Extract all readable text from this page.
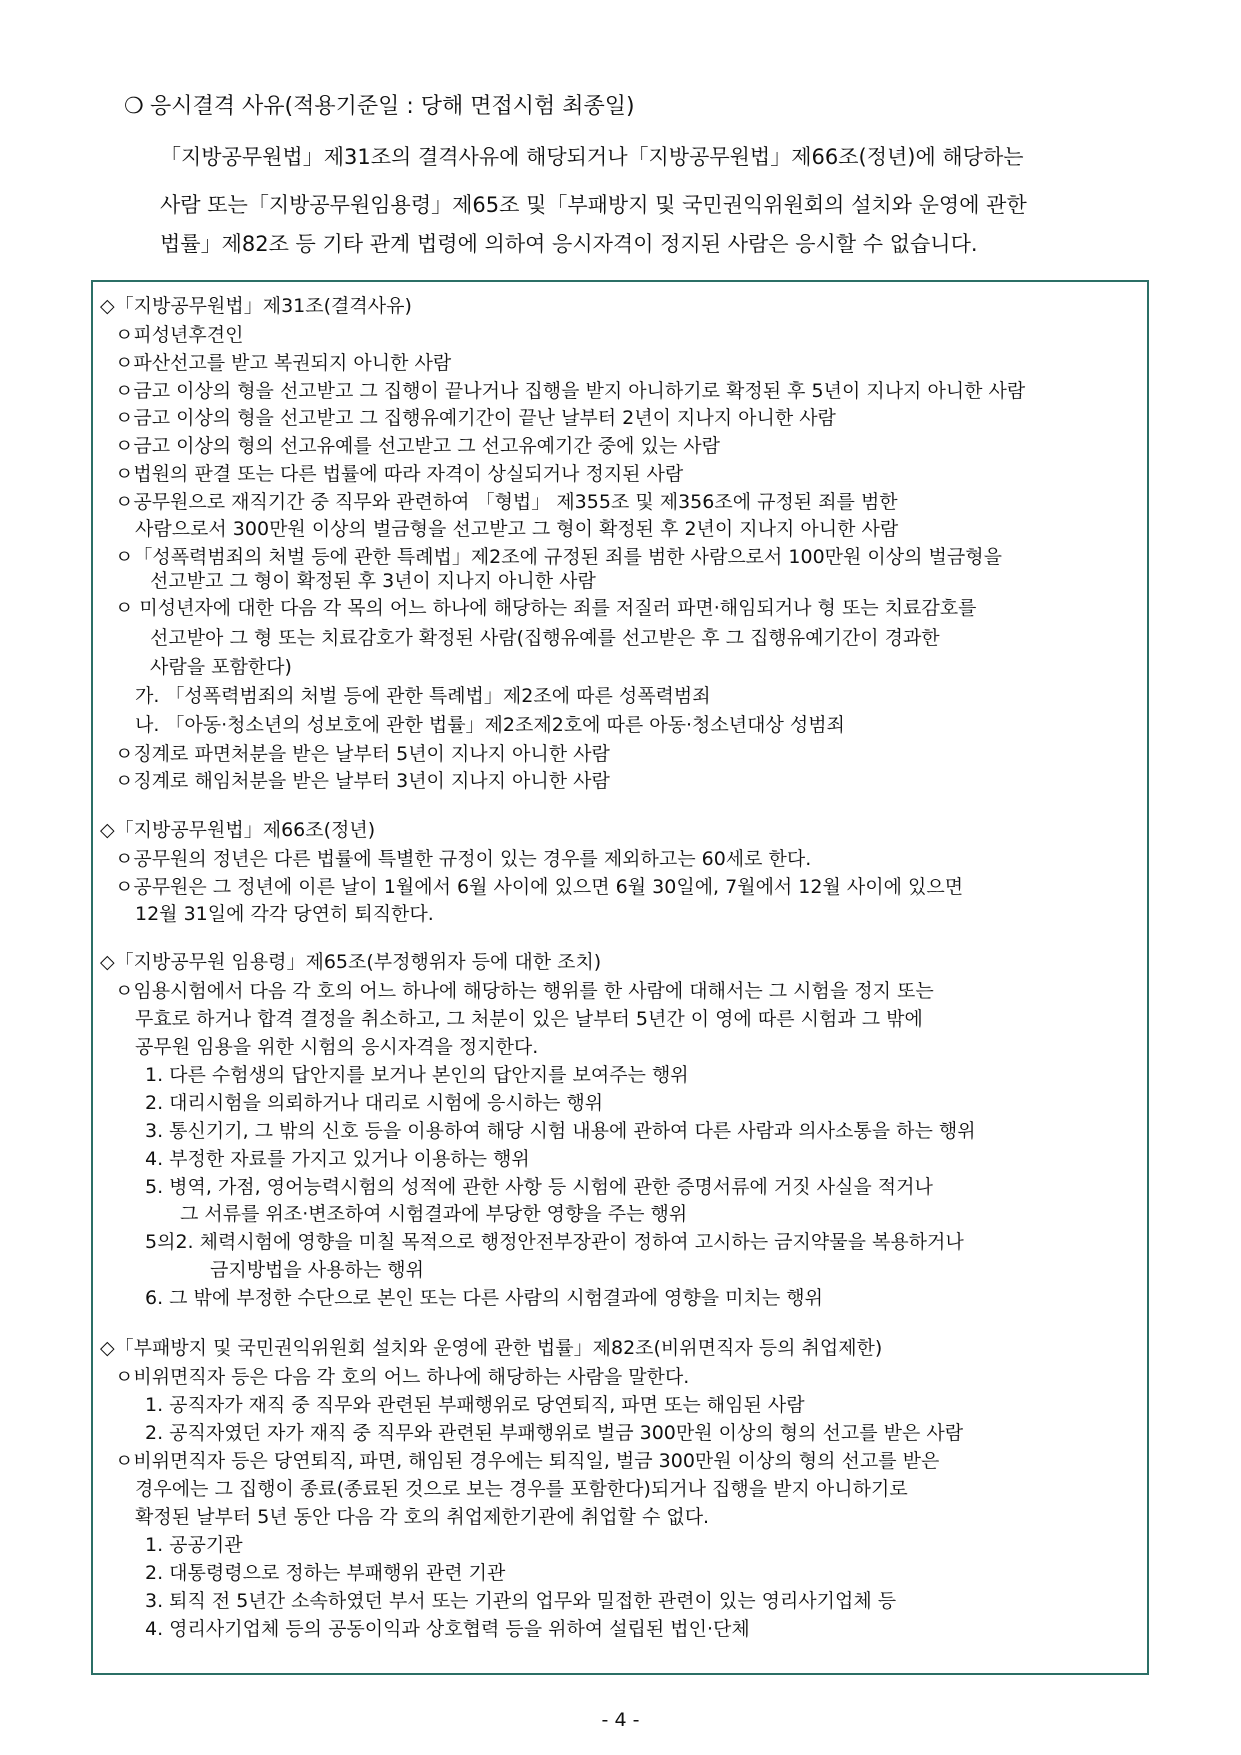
❍ 응시결격 사유(적용기준일 : 당해 면접시험 최종일)
「지방공무원법」제31조의 결격사유에 해당되거나「지방공무원법」제66조(정년)에 해당하는
사람 또는「지방공무원임용령」제65조 및「부패방지 및 국민권익위원회의 설치와 운영에 관한
법률」제82조 등 기타 관계 법령에 의하여 응시자격이 정지된 사람은 응시할 수 없습니다.
◇「지방공무원법」제31조(결격사유)
ㅇ피성년후견인
ㅇ파산선고를 받고 복권되지 아니한 사람
ㅇ금고 이상의 형을 선고받고 그 집행이 끝나거나 집행을 받지 아니하기로 확정된 후 5년이 지나지 아니한 사람
ㅇ금고 이상의 형을 선고받고 그 집행유예기간이 끝난 날부터 2년이 지나지 아니한 사람
ㅇ금고 이상의 형의 선고유예를 선고받고 그 선고유예기간 중에 있는 사람
ㅇ법원의 판결 또는 다른 법률에 따라 자격이 상실되거나 정지된 사람
ㅇ공무원으로 재직기간 중 직무와 관련하여 「형법」 제355조 및 제356조에 규정된 죄를 범한
사람으로서 300만원 이상의 벌금형을 선고받고 그 형이 확정된 후 2년이 지나지 아니한 사람
ㅇ「성폭력범죄의 처벌 등에 관한 특례법」제2조에 규정된 죄를 범한 사람으로서 100만원 이상의 벌금형을
선고받고 그 형이 확정된 후 3년이 지나지 아니한 사람
ㅇ 미성년자에 대한 다음 각 목의 어느 하나에 해당하는 죄를 저질러 파면·해임되거나 형 또는 치료감호를
선고받아 그 형 또는 치료감호가 확정된 사람(집행유예를 선고받은 후 그 집행유예기간이 경과한
사람을 포함한다)
가. 「성폭력범죄의 처벌 등에 관한 특례법」제2조에 따른 성폭력범죄
나. 「아동·청소년의 성보호에 관한 법률」제2조제2호에 따른 아동·청소년대상 성범죄
ㅇ징계로 파면처분을 받은 날부터 5년이 지나지 아니한 사람
ㅇ징계로 해임처분을 받은 날부터 3년이 지나지 아니한 사람
◇「지방공무원법」제66조(정년)
ㅇ공무원의 정년은 다른 법률에 특별한 규정이 있는 경우를 제외하고는 60세로 한다.
ㅇ공무원은 그 정년에 이른 날이 1월에서 6월 사이에 있으면 6월 30일에, 7월에서 12월 사이에 있으면
12월 31일에 각각 당연히 퇴직한다.
◇「지방공무원 임용령」제65조(부정행위자 등에 대한 조치)
ㅇ임용시험에서 다음 각 호의 어느 하나에 해당하는 행위를 한 사람에 대해서는 그 시험을 정지 또는
무효로 하거나 합격 결정을 취소하고, 그 처분이 있은 날부터 5년간 이 영에 따른 시험과 그 밖에
공무원 임용을 위한 시험의 응시자격을 정지한다.
1. 다른 수험생의 답안지를 보거나 본인의 답안지를 보여주는 행위
2. 대리시험을 의뢰하거나 대리로 시험에 응시하는 행위
3. 통신기기, 그 밖의 신호 등을 이용하여 해당 시험 내용에 관하여 다른 사람과 의사소통을 하는 행위
4. 부정한 자료를 가지고 있거나 이용하는 행위
5. 병역, 가점, 영어능력시험의 성적에 관한 사항 등 시험에 관한 증명서류에 거짓 사실을 적거나
그 서류를 위조·변조하여 시험결과에 부당한 영향을 주는 행위
5의2. 체력시험에 영향을 미칠 목적으로 행정안전부장관이 정하여 고시하는 금지약물을 복용하거나
금지방법을 사용하는 행위
6. 그 밖에 부정한 수단으로 본인 또는 다른 사람의 시험결과에 영향을 미치는 행위
◇「부패방지 및 국민권익위원회 설치와 운영에 관한 법률」제82조(비위면직자 등의 취업제한)
ㅇ비위면직자 등은 다음 각 호의 어느 하나에 해당하는 사람을 말한다.
1. 공직자가 재직 중 직무와 관련된 부패행위로 당연퇴직, 파면 또는 해임된 사람
2. 공직자였던 자가 재직 중 직무와 관련된 부패행위로 벌금 300만원 이상의 형의 선고를 받은 사람
ㅇ비위면직자 등은 당연퇴직, 파면, 해임된 경우에는 퇴직일, 벌금 300만원 이상의 형의 선고를 받은
경우에는 그 집행이 종료(종료된 것으로 보는 경우를 포함한다)되거나 집행을 받지 아니하기로
확정된 날부터 5년 동안 다음 각 호의 취업제한기관에 취업할 수 없다.
1. 공공기관
2. 대통령령으로 정하는 부패행위 관련 기관
3. 퇴직 전 5년간 소속하였던 부서 또는 기관의 업무와 밀접한 관련이 있는 영리사기업체 등
4. 영리사기업체 등의 공동이익과 상호협력 등을 위하여 설립된 법인·단체
- 4 -
